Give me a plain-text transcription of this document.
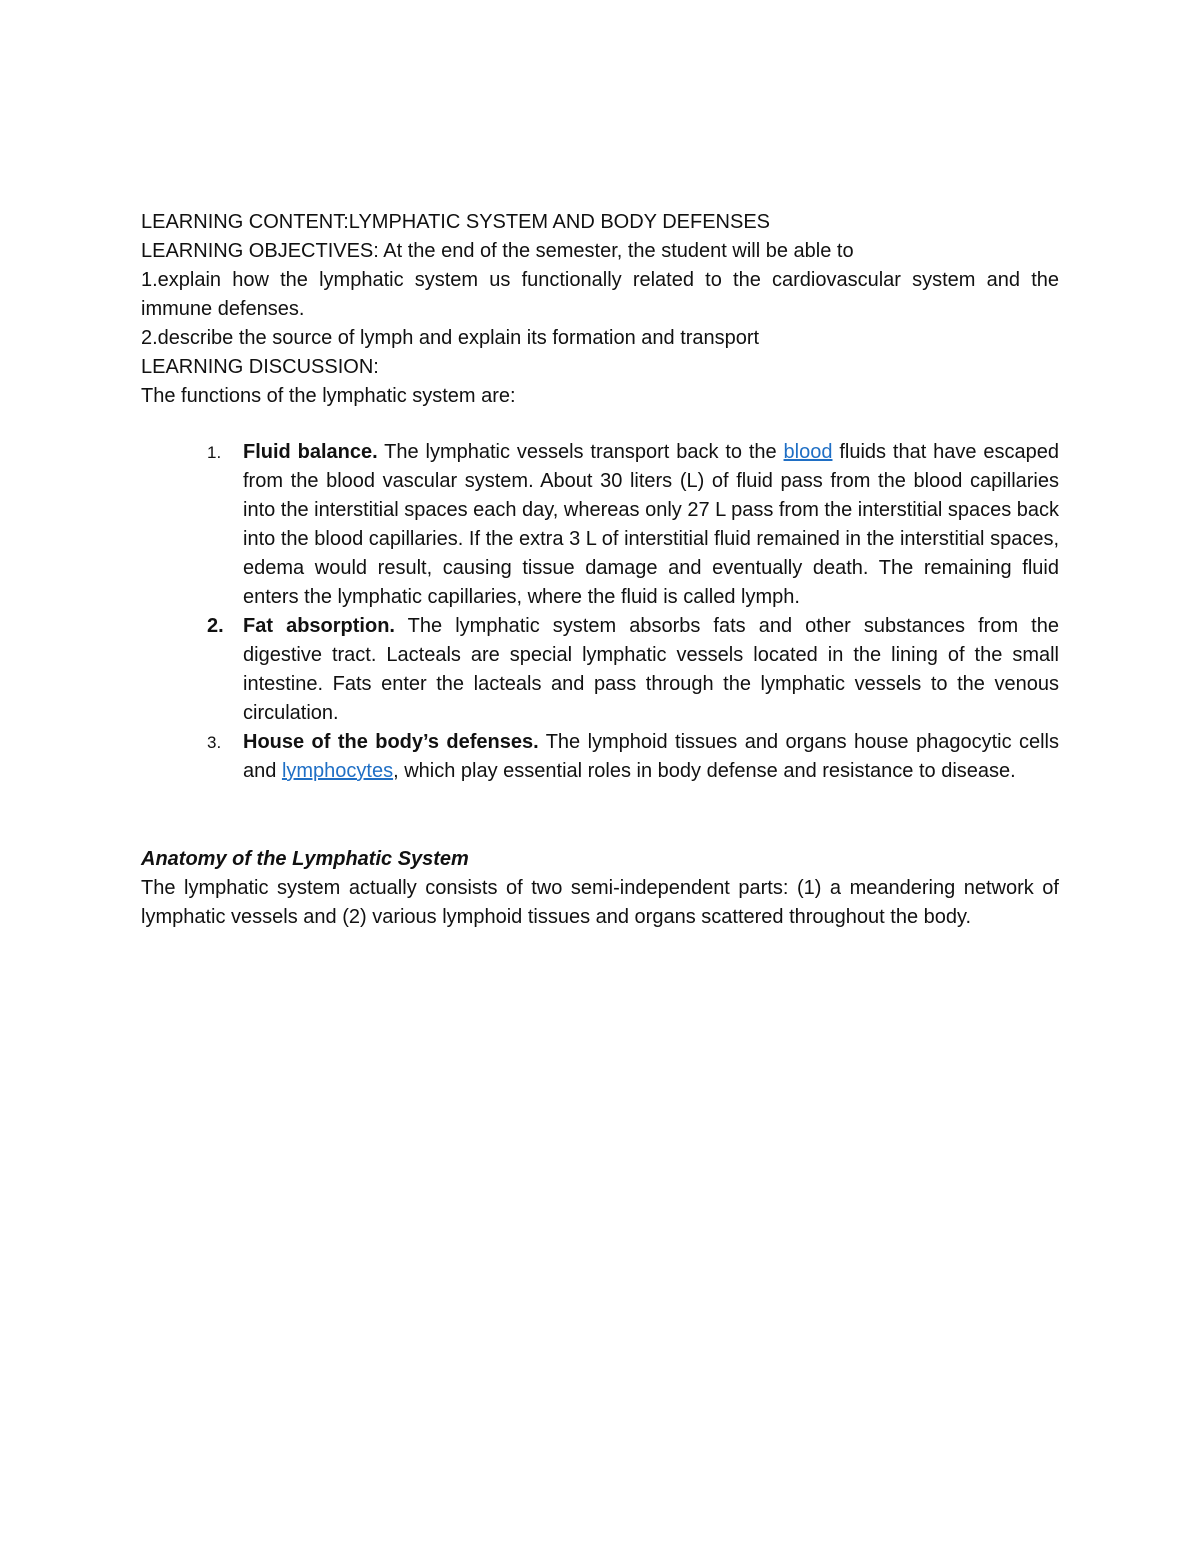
LEARNING CONTENT:LYMPHATIC SYSTEM AND BODY DEFENSES
LEARNING OBJECTIVES: At the end of the semester, the student will be able to
1.explain how the lymphatic system us functionally related to the cardiovascular system and the immune defenses.
2.describe the source of lymph and explain its formation and transport
LEARNING DISCUSSION:
The functions of the lymphatic system are:
1. Fluid balance. The lymphatic vessels transport back to the blood fluids that have escaped from the blood vascular system. About 30 liters (L) of fluid pass from the blood capillaries into the interstitial spaces each day, whereas only 27 L pass from the interstitial spaces back into the blood capillaries. If the extra 3 L of interstitial fluid remained in the interstitial spaces, edema would result, causing tissue damage and eventually death. The remaining fluid enters the lymphatic capillaries, where the fluid is called lymph.
2. Fat absorption. The lymphatic system absorbs fats and other substances from the digestive tract. Lacteals are special lymphatic vessels located in the lining of the small intestine. Fats enter the lacteals and pass through the lymphatic vessels to the venous circulation.
3. House of the body’s defenses. The lymphoid tissues and organs house phagocytic cells and lymphocytes, which play essential roles in body defense and resistance to disease.
Anatomy of the Lymphatic System
The lymphatic system actually consists of two semi-independent parts: (1) a meandering network of lymphatic vessels and (2) various lymphoid tissues and organs scattered throughout the body.
